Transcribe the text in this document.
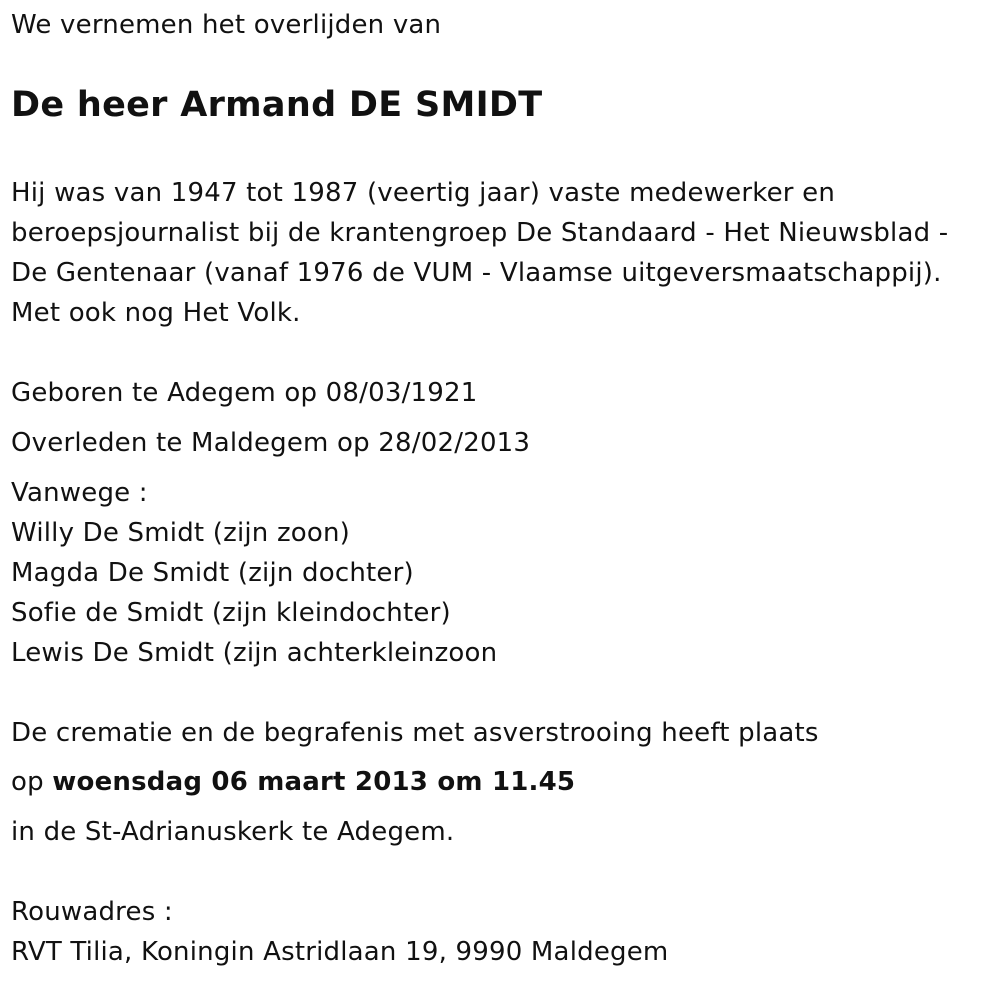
We vernemen het overlijden van
De heer Armand DE SMIDT
Hij was van 1947 tot 1987 (veertig jaar) vaste medewerker en
beroepsjournalist bij de krantengroep De Standaard - Het Nieuwsblad -
De Gentenaar (vanaf 1976 de VUM - Vlaamse uitgeversmaatschappij).
Met ook nog Het Volk.
Geboren te Adegem op 08/03/1921
Overleden te Maldegem op 28/02/2013
Vanwege :
Willy De Smidt (zijn zoon)
Magda De Smidt (zijn dochter)
Sofie de Smidt (zijn kleindochter)
Lewis De Smidt (zijn achterkleinzoon
De crematie en de begrafenis met asverstrooing heeft plaats
op woensdag 06 maart 2013 om 11.45
in de St-Adrianuskerk te Adegem.
Rouwadres :
RVT Tilia, Koningin Astridlaan 19, 9990 Maldegem
